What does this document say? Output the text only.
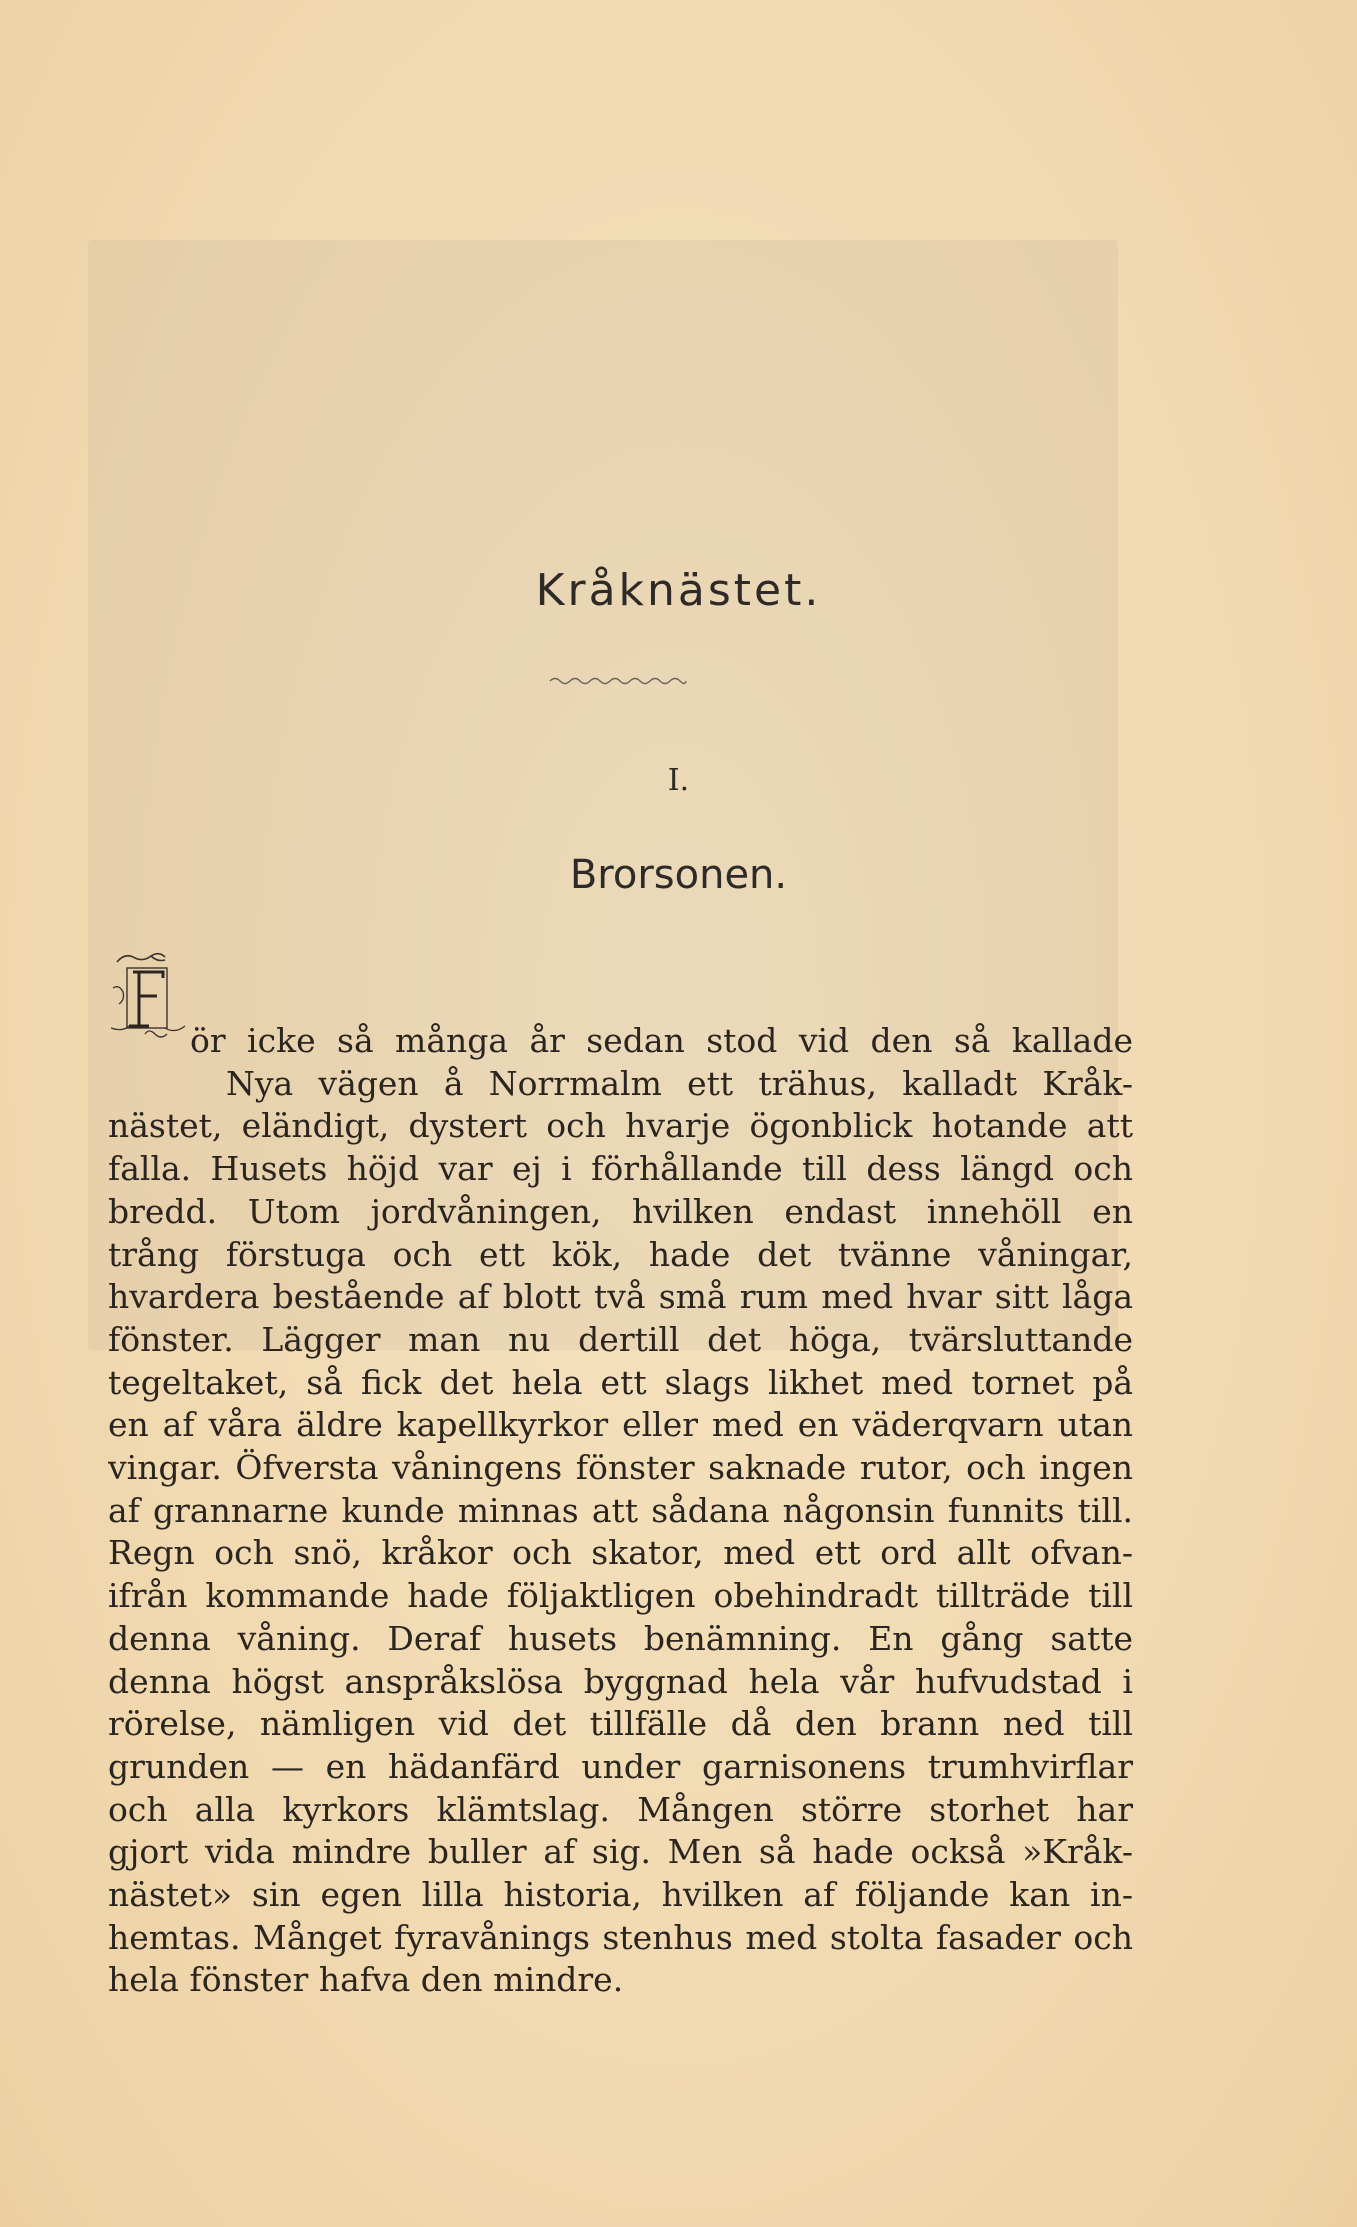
Kråknästet.
I.
Brorsonen.
ör icke så många år sedan stod vid den så kallade
Nya vägen å Norrmalm ett trähus, kalladt Kråk-
nästet, eländigt, dystert och hvarje ögonblick hotande att
falla. Husets höjd var ej i förhållande till dess längd och
bredd. Utom jordvåningen, hvilken endast innehöll en
trång förstuga och ett kök, hade det tvänne våningar,
hvardera bestående af blott två små rum med hvar sitt låga
fönster. Lägger man nu dertill det höga, tvärsluttande
tegeltaket, så fick det hela ett slags likhet med tornet på
en af våra äldre kapellkyrkor eller med en väderqvarn utan
vingar. Öfversta våningens fönster saknade rutor, och ingen
af grannarne kunde minnas att sådana någonsin funnits till.
Regn och snö, kråkor och skator, med ett ord allt ofvan-
ifrån kommande hade följaktligen obehindradt tillträde till
denna våning. Deraf husets benämning. En gång satte
denna högst anspråkslösa byggnad hela vår hufvudstad i
rörelse, nämligen vid det tillfälle då den brann ned till
grunden — en hädanfärd under garnisonens trumhvirflar
och alla kyrkors klämtslag. Mången större storhet har
gjort vida mindre buller af sig. Men så hade också »Kråk-
nästet» sin egen lilla historia, hvilken af följande kan in-
hemtas. Månget fyravånings stenhus med stolta fasader och
hela fönster hafva den mindre.
